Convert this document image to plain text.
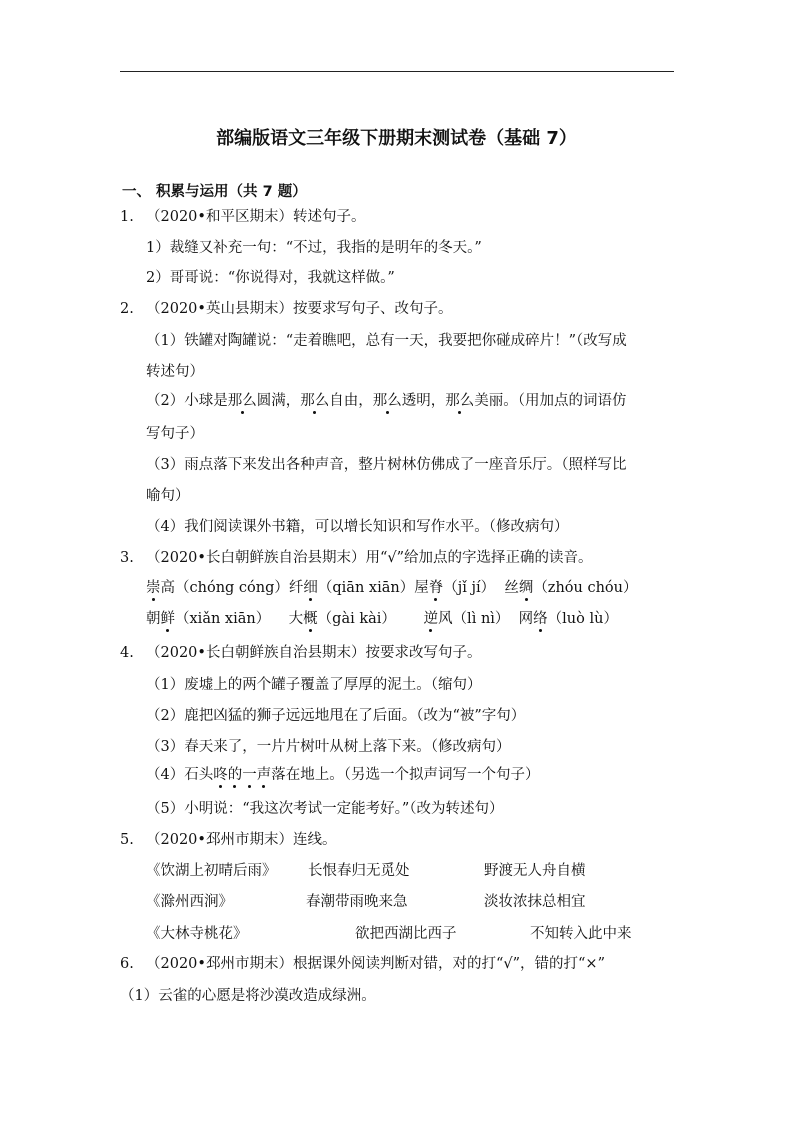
部编版语文三年级下册期末测试卷（基础 7）
一、 积累与运用（共 7 题）
1. （2020•和平区期末）转述句子。
1）裁缝又补充一句：“不过，我指的是明年的冬天。”
2）哥哥说：“你说得对，我就这样做。”
2. （2020•英山县期末）按要求写句子、改句子。
（1）铁罐对陶罐说：“走着瞧吧，总有一天，我要把你碰成碎片！”（改写成
转述句）
（2）小球是那么圆满，那么自由，那么透明，那么美丽。（用加点的词语仿
写句子）
（3）雨点落下来发出各种声音，整片树林仿佛成了一座音乐厅。（照样写比
喻句）
（4）我们阅读课外书籍，可以增长知识和写作水平。（修改病句）
3. （2020•长白朝鲜族自治县期末）用“√”给加点的字选择正确的读音。
崇高（chóng cóng）纤细（qiān xiān）屋脊（jǐ jí） 丝绸（zhóu chóu）
朝鲜（xiǎn xiān） 大概（gài kài） 逆风（lì nì） 网络（luò lù）
4. （2020•长白朝鲜族自治县期末）按要求改写句子。
（1）废墟上的两个罐子覆盖了厚厚的泥土。（缩句）
（2）鹿把凶猛的狮子远远地甩在了后面。（改为“被”字句）
（3）春天来了，一片片树叶从树上落下来。（修改病句）
（4）石头咚的一声落在地上。（另选一个拟声词写一个句子）
（5）小明说：“我这次考试一定能考好。”（改为转述句）
5. （2020•邳州市期末）连线。
《饮湖上初晴后雨》 长恨春归无觅处	野渡无人舟自横
《滁州西涧》	春潮带雨晚来急	淡妆浓抹总相宜
《大林寺桃花》	欲把西湖比西子	不知转入此中来
6. （2020•邳州市期末）根据课外阅读判断对错，对的打“√”，错的打“×”
（1）云雀的心愿是将沙漠改造成绿洲。
